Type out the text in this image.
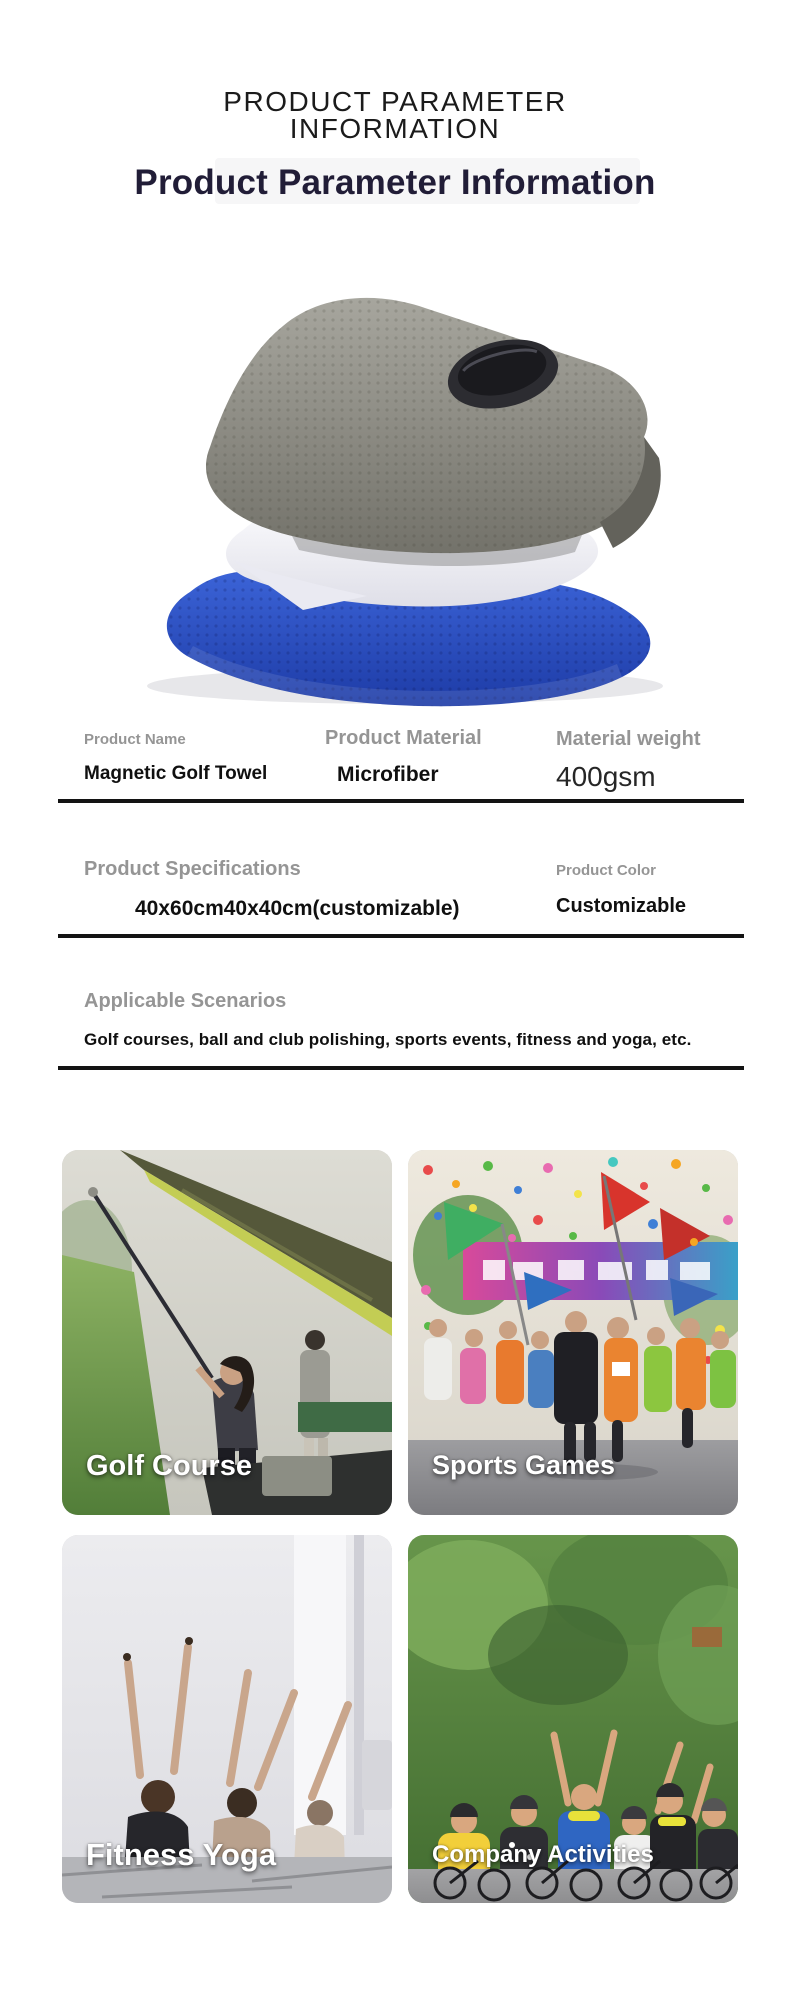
PRODUCT PARAMETER
INFORMATION
Product Parameter Information
Product Name
Magnetic Golf Towel
Product Material
Microfiber
Material weight
400gsm
Product Specifications
40x60cm40x40cm(customizable)
Product Color
Customizable
Applicable Scenarios
Golf courses, ball and club polishing, sports events, fitness and yoga, etc.
Golf Course	Sports Games
Fitness Yoga	Company Activities
